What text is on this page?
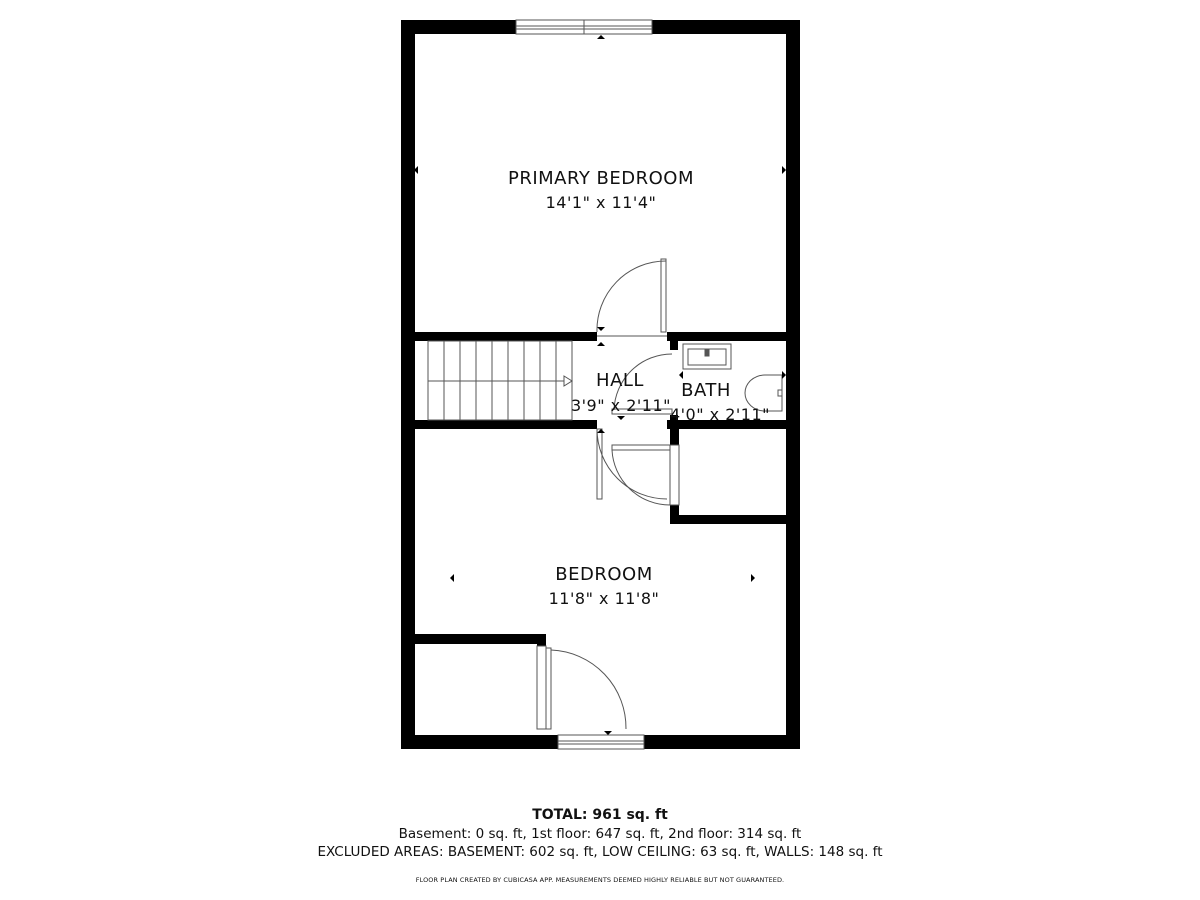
PRIMARY BEDROOM
14'1" x 11'4"
HALL
3'9" x 2'11"
BATH
4'0" x 2'11"
BEDROOM
11'8" x 11'8"
TOTAL: 961 sq. ft
Basement: 0 sq. ft, 1st floor: 647 sq. ft, 2nd floor: 314 sq. ft
EXCLUDED AREAS: BASEMENT: 602 sq. ft, LOW CEILING: 63 sq. ft, WALLS: 148 sq. ft
FLOOR PLAN CREATED BY CUBICASA APP. MEASUREMENTS DEEMED HIGHLY RELIABLE BUT NOT GUARANTEED.
